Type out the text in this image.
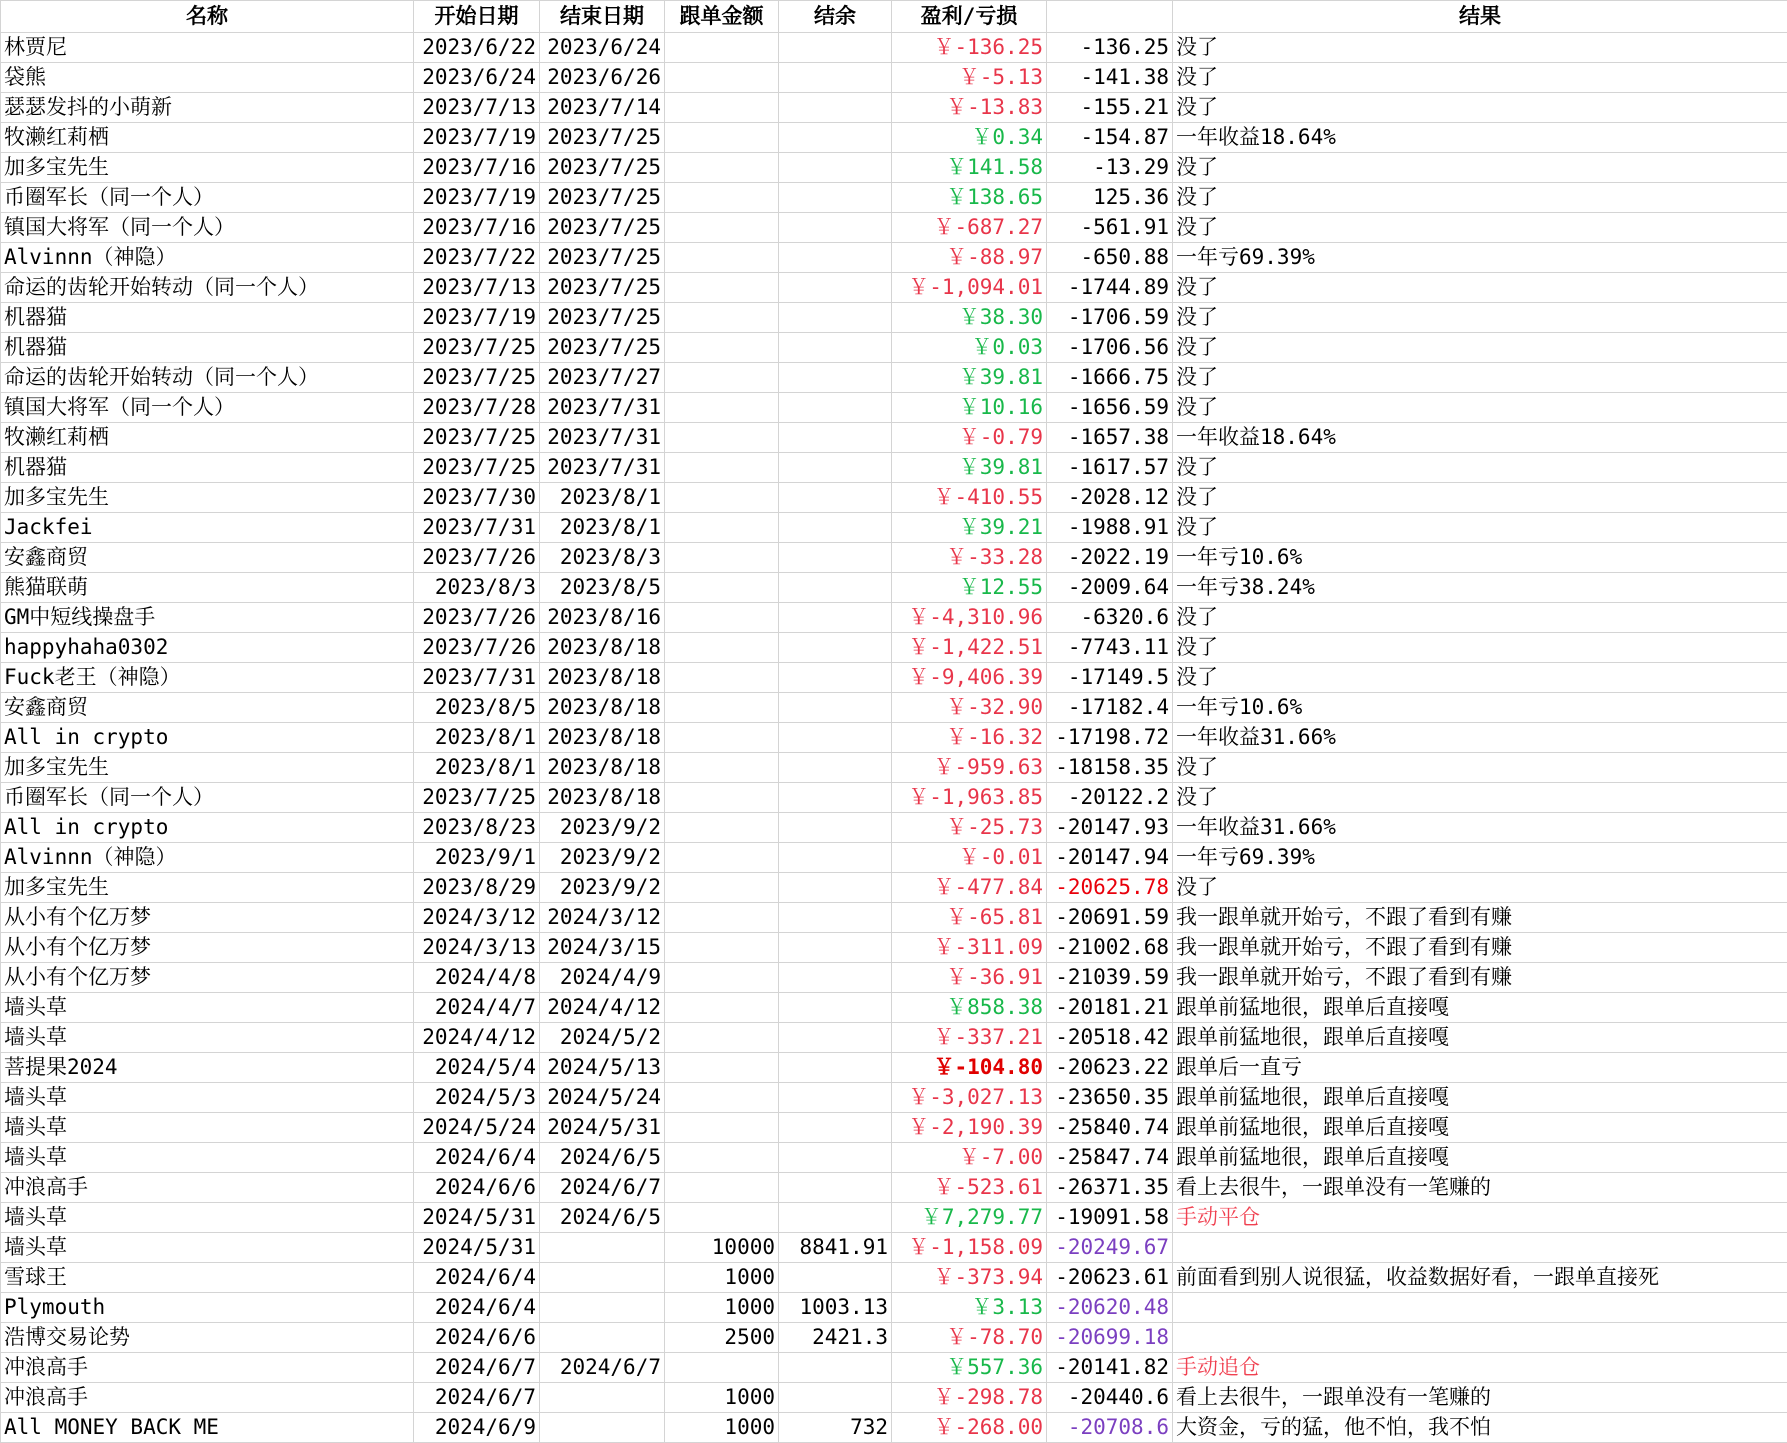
名称	开始日期	结束日期	跟单金额	结余	盈利/亏损		结果
林贾尼	2023/6/22	2023/6/24			￥-136.25	-136.25	没了
袋熊	2023/6/24	2023/6/26			￥-5.13	-141.38	没了
瑟瑟发抖的小萌新	2023/7/13	2023/7/14			￥-13.83	-155.21	没了
牧濑红莉栖	2023/7/19	2023/7/25			￥0.34	-154.87	一年收益18.64%
加多宝先生	2023/7/16	2023/7/25			￥141.58	-13.29	没了
币圈军长（同一个人）	2023/7/19	2023/7/25			￥138.65	125.36	没了
镇国大将军（同一个人）	2023/7/16	2023/7/25			￥-687.27	-561.91	没了
Alvinnn（神隐）	2023/7/22	2023/7/25			￥-88.97	-650.88	一年亏69.39%
命运的齿轮开始转动（同一个人）	2023/7/13	2023/7/25			￥-1,094.01	-1744.89	没了
机器猫	2023/7/19	2023/7/25			￥38.30	-1706.59	没了
机器猫	2023/7/25	2023/7/25			￥0.03	-1706.56	没了
命运的齿轮开始转动（同一个人）	2023/7/25	2023/7/27			￥39.81	-1666.75	没了
镇国大将军（同一个人）	2023/7/28	2023/7/31			￥10.16	-1656.59	没了
牧濑红莉栖	2023/7/25	2023/7/31			￥-0.79	-1657.38	一年收益18.64%
机器猫	2023/7/25	2023/7/31			￥39.81	-1617.57	没了
加多宝先生	2023/7/30	2023/8/1			￥-410.55	-2028.12	没了
Jackfei	2023/7/31	2023/8/1			￥39.21	-1988.91	没了
安鑫商贸	2023/7/26	2023/8/3			￥-33.28	-2022.19	一年亏10.6%
熊猫联萌	2023/8/3	2023/8/5			￥12.55	-2009.64	一年亏38.24%
GM中短线操盘手	2023/7/26	2023/8/16			￥-4,310.96	-6320.6	没了
happyhaha0302	2023/7/26	2023/8/18			￥-1,422.51	-7743.11	没了
Fuck老王（神隐）	2023/7/31	2023/8/18			￥-9,406.39	-17149.5	没了
安鑫商贸	2023/8/5	2023/8/18			￥-32.90	-17182.4	一年亏10.6%
All in crypto	2023/8/1	2023/8/18			￥-16.32	-17198.72	一年收益31.66%
加多宝先生	2023/8/1	2023/8/18			￥-959.63	-18158.35	没了
币圈军长（同一个人）	2023/7/25	2023/8/18			￥-1,963.85	-20122.2	没了
All in crypto	2023/8/23	2023/9/2			￥-25.73	-20147.93	一年收益31.66%
Alvinnn（神隐）	2023/9/1	2023/9/2			￥-0.01	-20147.94	一年亏69.39%
加多宝先生	2023/8/29	2023/9/2			￥-477.84	-20625.78	没了
从小有个亿万梦	2024/3/12	2024/3/12			￥-65.81	-20691.59	我一跟单就开始亏，不跟了看到有赚
从小有个亿万梦	2024/3/13	2024/3/15			￥-311.09	-21002.68	我一跟单就开始亏，不跟了看到有赚
从小有个亿万梦	2024/4/8	2024/4/9			￥-36.91	-21039.59	我一跟单就开始亏，不跟了看到有赚
墙头草	2024/4/7	2024/4/12			￥858.38	-20181.21	跟单前猛地很，跟单后直接嘎
墙头草	2024/4/12	2024/5/2			￥-337.21	-20518.42	跟单前猛地很，跟单后直接嘎
菩提果2024	2024/5/4	2024/5/13			￥-104.80	-20623.22	跟单后一直亏
墙头草	2024/5/3	2024/5/24			￥-3,027.13	-23650.35	跟单前猛地很，跟单后直接嘎
墙头草	2024/5/24	2024/5/31			￥-2,190.39	-25840.74	跟单前猛地很，跟单后直接嘎
墙头草	2024/6/4	2024/6/5			￥-7.00	-25847.74	跟单前猛地很，跟单后直接嘎
冲浪高手	2024/6/6	2024/6/7			￥-523.61	-26371.35	看上去很牛，一跟单没有一笔赚的
墙头草	2024/5/31	2024/6/5			￥7,279.77	-19091.58	手动平仓
墙头草	2024/5/31		10000	8841.91	￥-1,158.09	-20249.67	
雪球王	2024/6/4		1000		￥-373.94	-20623.61	前面看到别人说很猛，收益数据好看，一跟单直接死
Plymouth	2024/6/4		1000	1003.13	￥3.13	-20620.48	
浩博交易论势	2024/6/6		2500	2421.3	￥-78.70	-20699.18	
冲浪高手	2024/6/7	2024/6/7			￥557.36	-20141.82	手动追仓
冲浪高手	2024/6/7		1000		￥-298.78	-20440.6	看上去很牛，一跟单没有一笔赚的
All MONEY BACK ME	2024/6/9		1000	732	￥-268.00	-20708.6	大资金，亏的猛，他不怕，我不怕
